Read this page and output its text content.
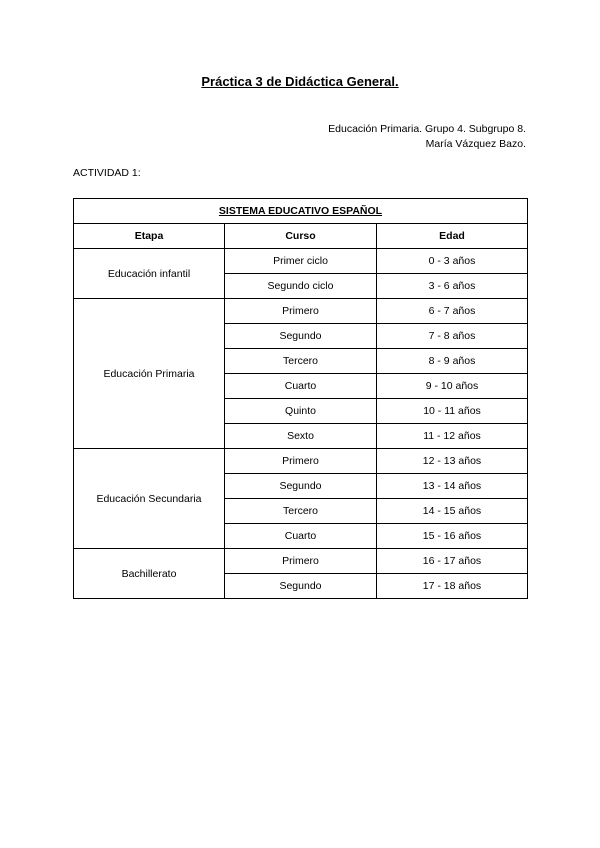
Práctica 3 de Didáctica General.
Educación Primaria. Grupo 4. Subgrupo 8.
María Vázquez Bazo.
ACTIVIDAD 1:
SISTEMA EDUCATIVO ESPAÑOL		
Etapa	Curso	Edad
Educación infantil	Primer ciclo	0 - 3 años
	Segundo ciclo	3 - 6 años
Educación Primaria	Primero	6 - 7 años
	Segundo	7 - 8 años
	Tercero	8 - 9 años
	Cuarto	9 - 10 años
	Quinto	10 - 11 años
	Sexto	11 - 12 años
Educación Secundaria	Primero	12 - 13 años
	Segundo	13 - 14 años
	Tercero	14 - 15 años
	Cuarto	15 - 16 años
Bachillerato	Primero	16 - 17 años
	Segundo	17 - 18 años
